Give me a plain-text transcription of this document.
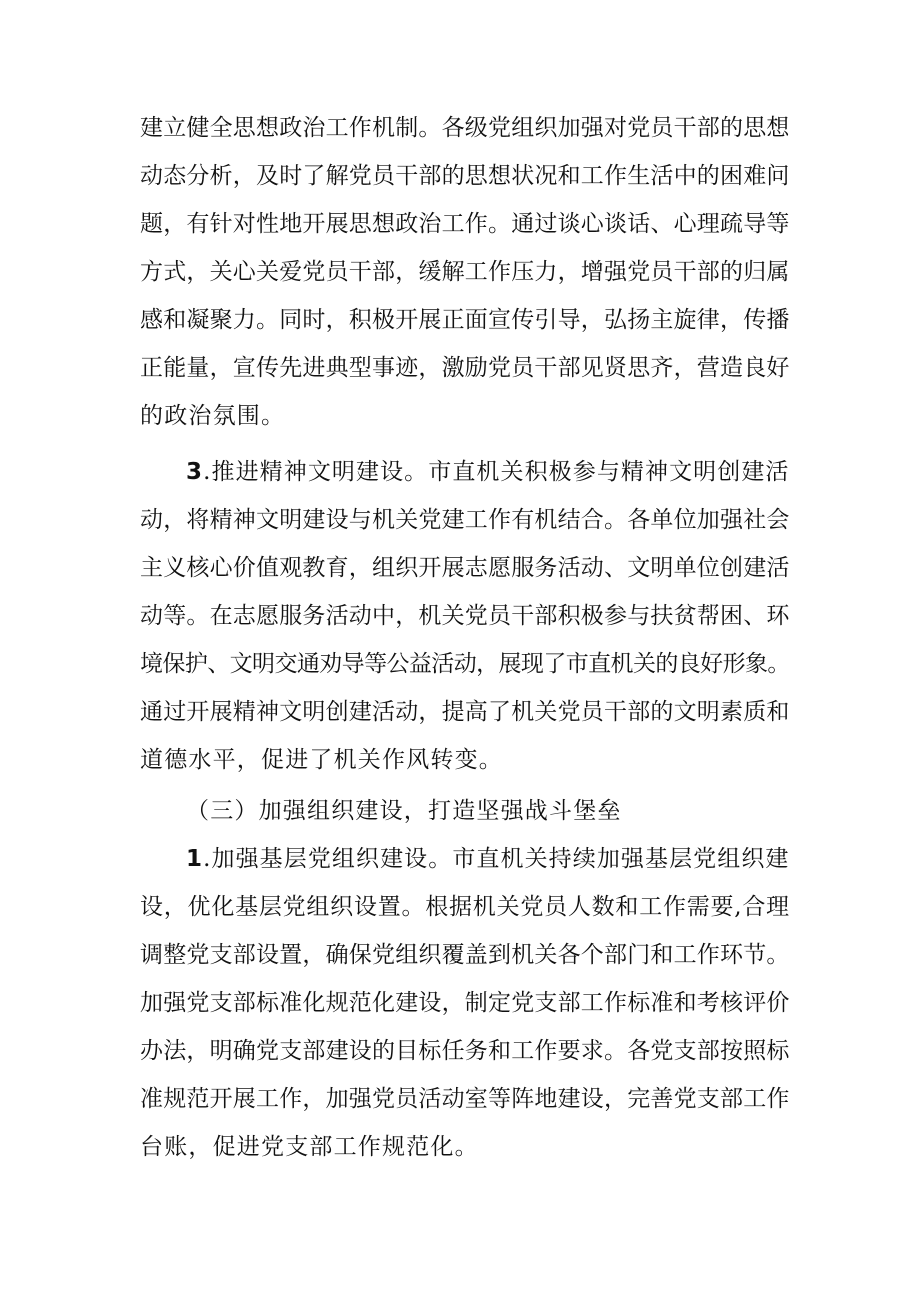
建立健全思想政治工作机制。各级党组织加强对党员干部的思想
动态分析，及时了解党员干部的思想状况和工作生活中的困难问
题，有针对性地开展思想政治工作。通过谈心谈话、心理疏导等
方式，关心关爱党员干部，缓解工作压力，增强党员干部的归属
感和凝聚力。同时，积极开展正面宣传引导，弘扬主旋律，传播
正能量，宣传先进典型事迹，激励党员干部见贤思齐，营造良好
的政治氛围。
3.推进精神文明建设。市直机关积极参与精神文明创建活
动，将精神文明建设与机关党建工作有机结合。各单位加强社会
主义核心价值观教育，组织开展志愿服务活动、文明单位创建活
动等。在志愿服务活动中，机关党员干部积极参与扶贫帮困、环
境保护、文明交通劝导等公益活动，展现了市直机关的良好形象。
通过开展精神文明创建活动，提高了机关党员干部的文明素质和
道德水平，促进了机关作风转变。
（三）加强组织建设，打造坚强战斗堡垒
1.加强基层党组织建设。市直机关持续加强基层党组织建
设，优化基层党组织设置。根据机关党员人数和工作需要,合理
调整党支部设置，确保党组织覆盖到机关各个部门和工作环节。
加强党支部标准化规范化建设，制定党支部工作标准和考核评价
办法，明确党支部建设的目标任务和工作要求。各党支部按照标
准规范开展工作，加强党员活动室等阵地建设，完善党支部工作
台账，促进党支部工作规范化。
